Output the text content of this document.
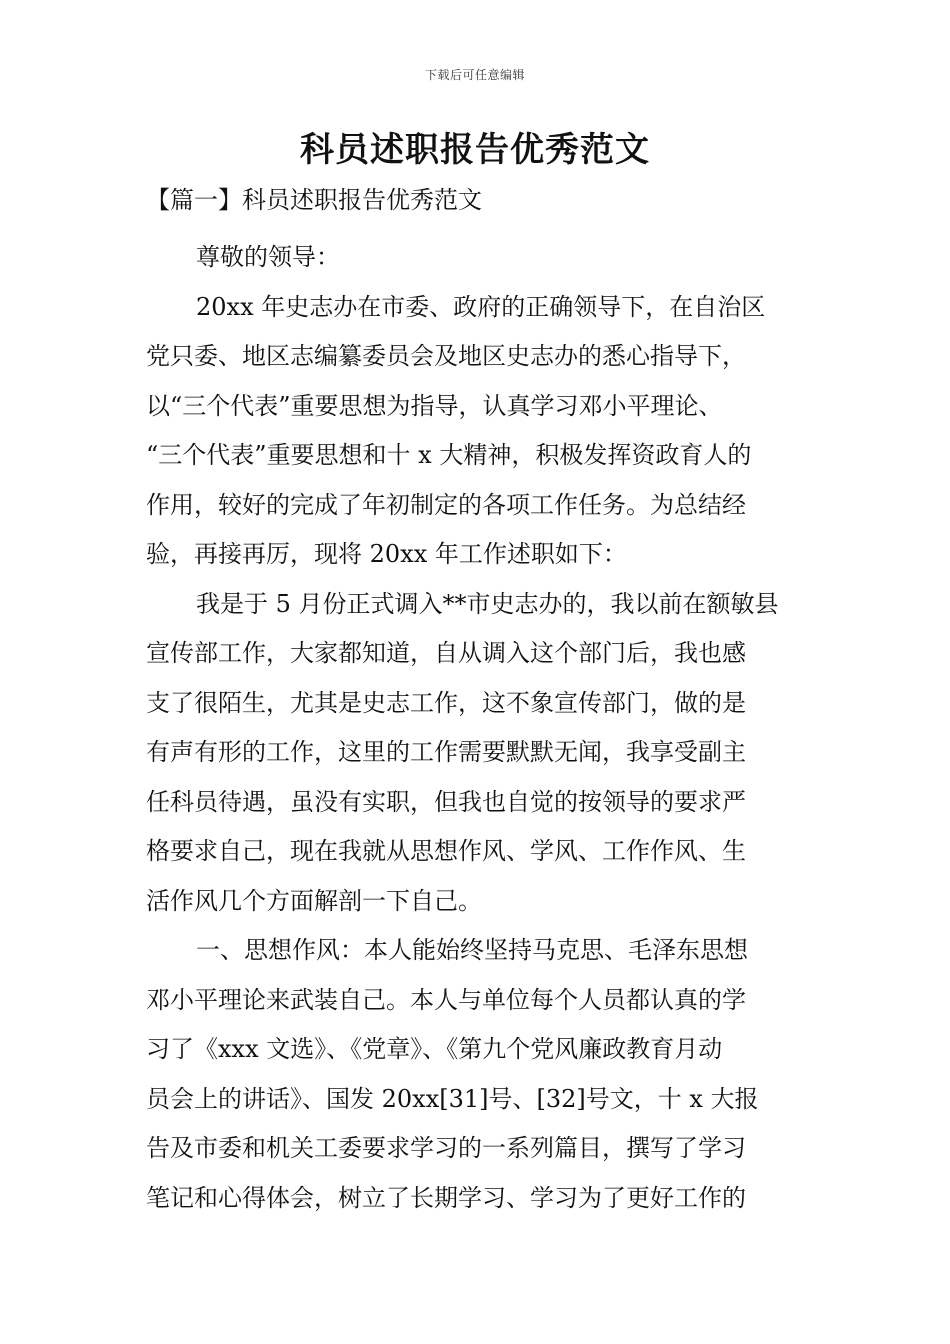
下载后可任意编辑
科员述职报告优秀范文
【篇一】科员述职报告优秀范文
尊敬的领导：
20xx 年史志办在市委、政府的正确领导下，在自治区
党只委、地区志编纂委员会及地区史志办的悉心指导下，
以“三个代表”重要思想为指导，认真学习邓小平理论、
“三个代表”重要思想和十 x 大精神，积极发挥资政育人的
作用，较好的完成了年初制定的各项工作任务。为总结经
验，再接再厉，现将 20xx 年工作述职如下：
我是于 5 月份正式调入**市史志办的，我以前在额敏县
宣传部工作，大家都知道，自从调入这个部门后，我也感
支了很陌生，尤其是史志工作，这不象宣传部门，做的是
有声有形的工作，这里的工作需要默默无闻，我享受副主
任科员待遇，虽没有实职，但我也自觉的按领导的要求严
格要求自己，现在我就从思想作风、学风、工作作风、生
活作风几个方面解剖一下自己。
一、思想作风：本人能始终坚持马克思、毛泽东思想
邓小平理论来武装自己。本人与单位每个人员都认真的学
习了《xxx 文选》、《党章》、《第九个党风廉政教育月动
员会上的讲话》、国发 20xx[31]号、[32]号文，十 x 大报
告及市委和机关工委要求学习的一系列篇目，撰写了学习
笔记和心得体会，树立了长期学习、学习为了更好工作的
